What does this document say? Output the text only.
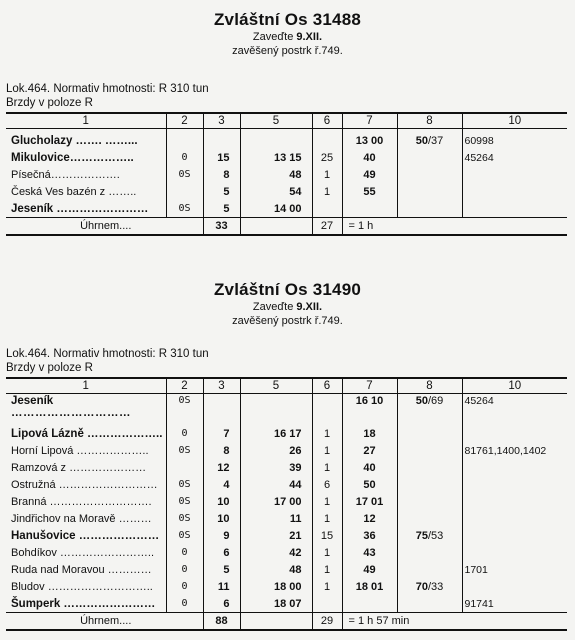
Zvláštní Os 31488
Zaveďte 9.XII.
zavěšený postrk ř.749.
Lok.464. Normativ hmotnosti: R 310 tun
Brzdy v poloze R
1	2	3	5	6	7	8	10
Glucholazy ……. ……...					13 00	50/37	60998
Mikulovice……………..	0	15	13 15	25	40		45264
Písečná……………….	0S	8	48	1	49		
Česká Ves bazén z ……..		5	54	1	55		
Jeseník ……………………	0S	5	14 00				
Úhrnem....		33		27	= 1 h		
Zvláštní Os 31490
Zaveďte 9.XII.
zavěšený postrk ř.749.
Lok.464. Normativ hmotnosti: R 310 tun
Brzdy v poloze R
1	2	3	5	6	7	8	10
Jeseník
…………………………	0S				16 10	50/69	45264
Lipová Lázně ………………..	0	7	16 17	1	18		
Horní Lipová ………………..	0S	8	26	1	27		81761,1400,1402
Ramzová z …………………		12	39	1	40		
Ostružná ………………………	0S	4	44	6	50		
Branná ……………………….	0S	10	17 00	1	17 01		
Jindřichov na Moravě ………	0S	10	11	1	12		
Hanušovice …………………	0S	9	21	15	36	75/53	
Bohdíkov ……………………..	0	6	42	1	43		
Ruda nad Moravou …………	0	5	48	1	49		1701
Bludov ………………………..	0	11	18 00	1	18 01	70/33	
Šumperk ……………………	0	6	18 07				91741
Úhrnem....		88		29	= 1 h 57 min		
